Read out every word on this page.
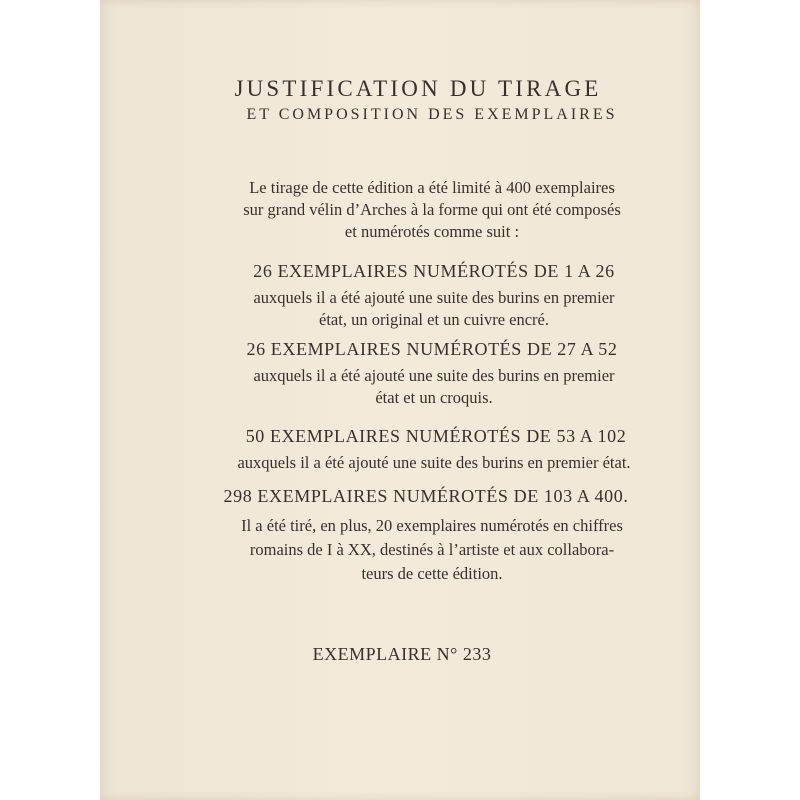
JUSTIFICATION DU TIRAGE
ET COMPOSITION DES EXEMPLAIRES
Le tirage de cette édition a été limité à 400 exemplaires
sur grand vélin d’Arches à la forme qui ont été composés
et numérotés comme suit :
26 EXEMPLAIRES NUMÉROTÉS DE 1 A 26
auxquels il a été ajouté une suite des burins en premier
état, un original et un cuivre encré.
26 EXEMPLAIRES NUMÉROTÉS DE 27 A 52
auxquels il a été ajouté une suite des burins en premier
état et un croquis.
50 EXEMPLAIRES NUMÉROTÉS DE 53 A 102
auxquels il a été ajouté une suite des burins en premier état.
298 EXEMPLAIRES NUMÉROTÉS DE 103 A 400.
Il a été tiré, en plus, 20 exemplaires numérotés en chiffres
romains de I à XX, destinés à l’artiste et aux collabora-
teurs de cette édition.
EXEMPLAIRE N° 233
